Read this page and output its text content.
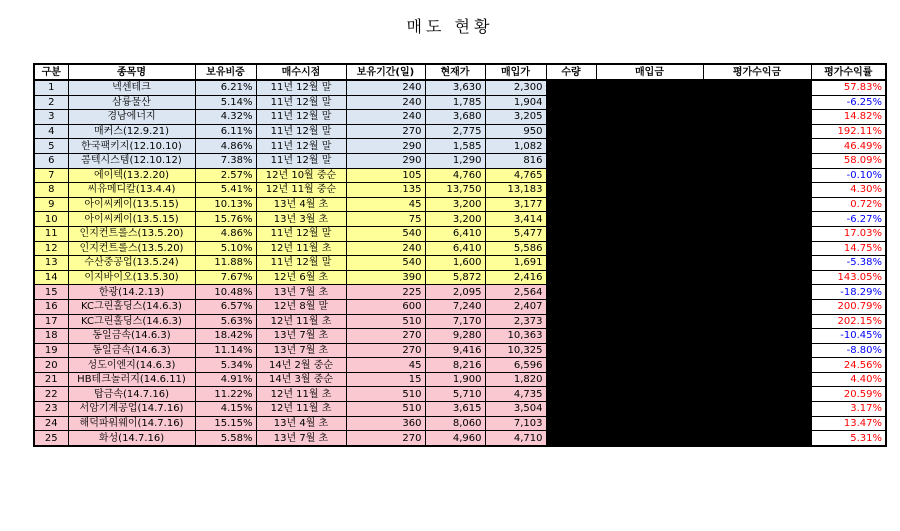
매도 현황
구분	종목명	보유비중	매수시점	보유기간(일)	현재가	매입가	수량	매입금	평가수익금	평가수익률
1	넥센테크	6.21%	11년 12월 말	240	3,630	2,300				57.83%
2	삼륭물산	5.14%	11년 12월 말	240	1,785	1,904				-6.25%
3	경남에너지	4.32%	11년 12월 말	240	3,680	3,205				14.82%
4	매커스(12.9.21)	6.11%	11년 12월 말	270	2,775	950				192.11%
5	한국팩키지(12.10.10)	4.86%	11년 12월 말	290	1,585	1,082				46.49%
6	콤텍시스템(12.10.12)	7.38%	11년 12월 말	290	1,290	816				58.09%
7	에이텍(13.2.20)	2.57%	12년 10월 중순	105	4,760	4,765				-0.10%
8	씨유메디칼(13.4.4)	5.41%	12년 11월 중순	135	13,750	13,183				4.30%
9	아이씨케이(13.5.15)	10.13%	13년 4월 초	45	3,200	3,177				0.72%
10	아이씨케이(13.5.15)	15.76%	13년 3월 초	75	3,200	3,414				-6.27%
11	인지컨트롤스(13.5.20)	4.86%	11년 12월 말	540	6,410	5,477				17.03%
12	인지컨트롤스(13.5.20)	5.10%	12년 11월 초	240	6,410	5,586				14.75%
13	수산중공업(13.5.24)	11.88%	11년 12월 말	540	1,600	1,691				-5.38%
14	이지바이오(13.5.30)	7.67%	12년 6월 초	390	5,872	2,416				143.05%
15	한광(14.2.13)	10.48%	13년 7월 초	225	2,095	2,564				-18.29%
16	KC그린홀딩스(14.6.3)	6.57%	12년 8월 말	600	7,240	2,407				200.79%
17	KC그린홀딩스(14.6.3)	5.63%	12년 11월 초	510	7,170	2,373				202.15%
18	동일금속(14.6.3)	18.42%	13년 7월 초	270	9,280	10,363				-10.45%
19	동일금속(14.6.3)	11.14%	13년 7월 초	270	9,416	10,325				-8.80%
20	성도이엔지(14.6.3)	5.34%	14년 2월 중순	45	8,216	6,596				24.56%
21	HB테크놀러지(14.6.11)	4.91%	14년 3월 중순	15	1,900	1,820				4.40%
22	탑금속(14.7.16)	11.22%	12년 11월 초	510	5,710	4,735				20.59%
23	서암기계공업(14.7.16)	4.15%	12년 11월 초	510	3,615	3,504				3.17%
24	해덕파워웨이(14.7.16)	15.15%	13년 4월 초	360	8,060	7,103				13.47%
25	화성(14.7.16)	5.58%	13년 7월 초	270	4,960	4,710				5.31%
